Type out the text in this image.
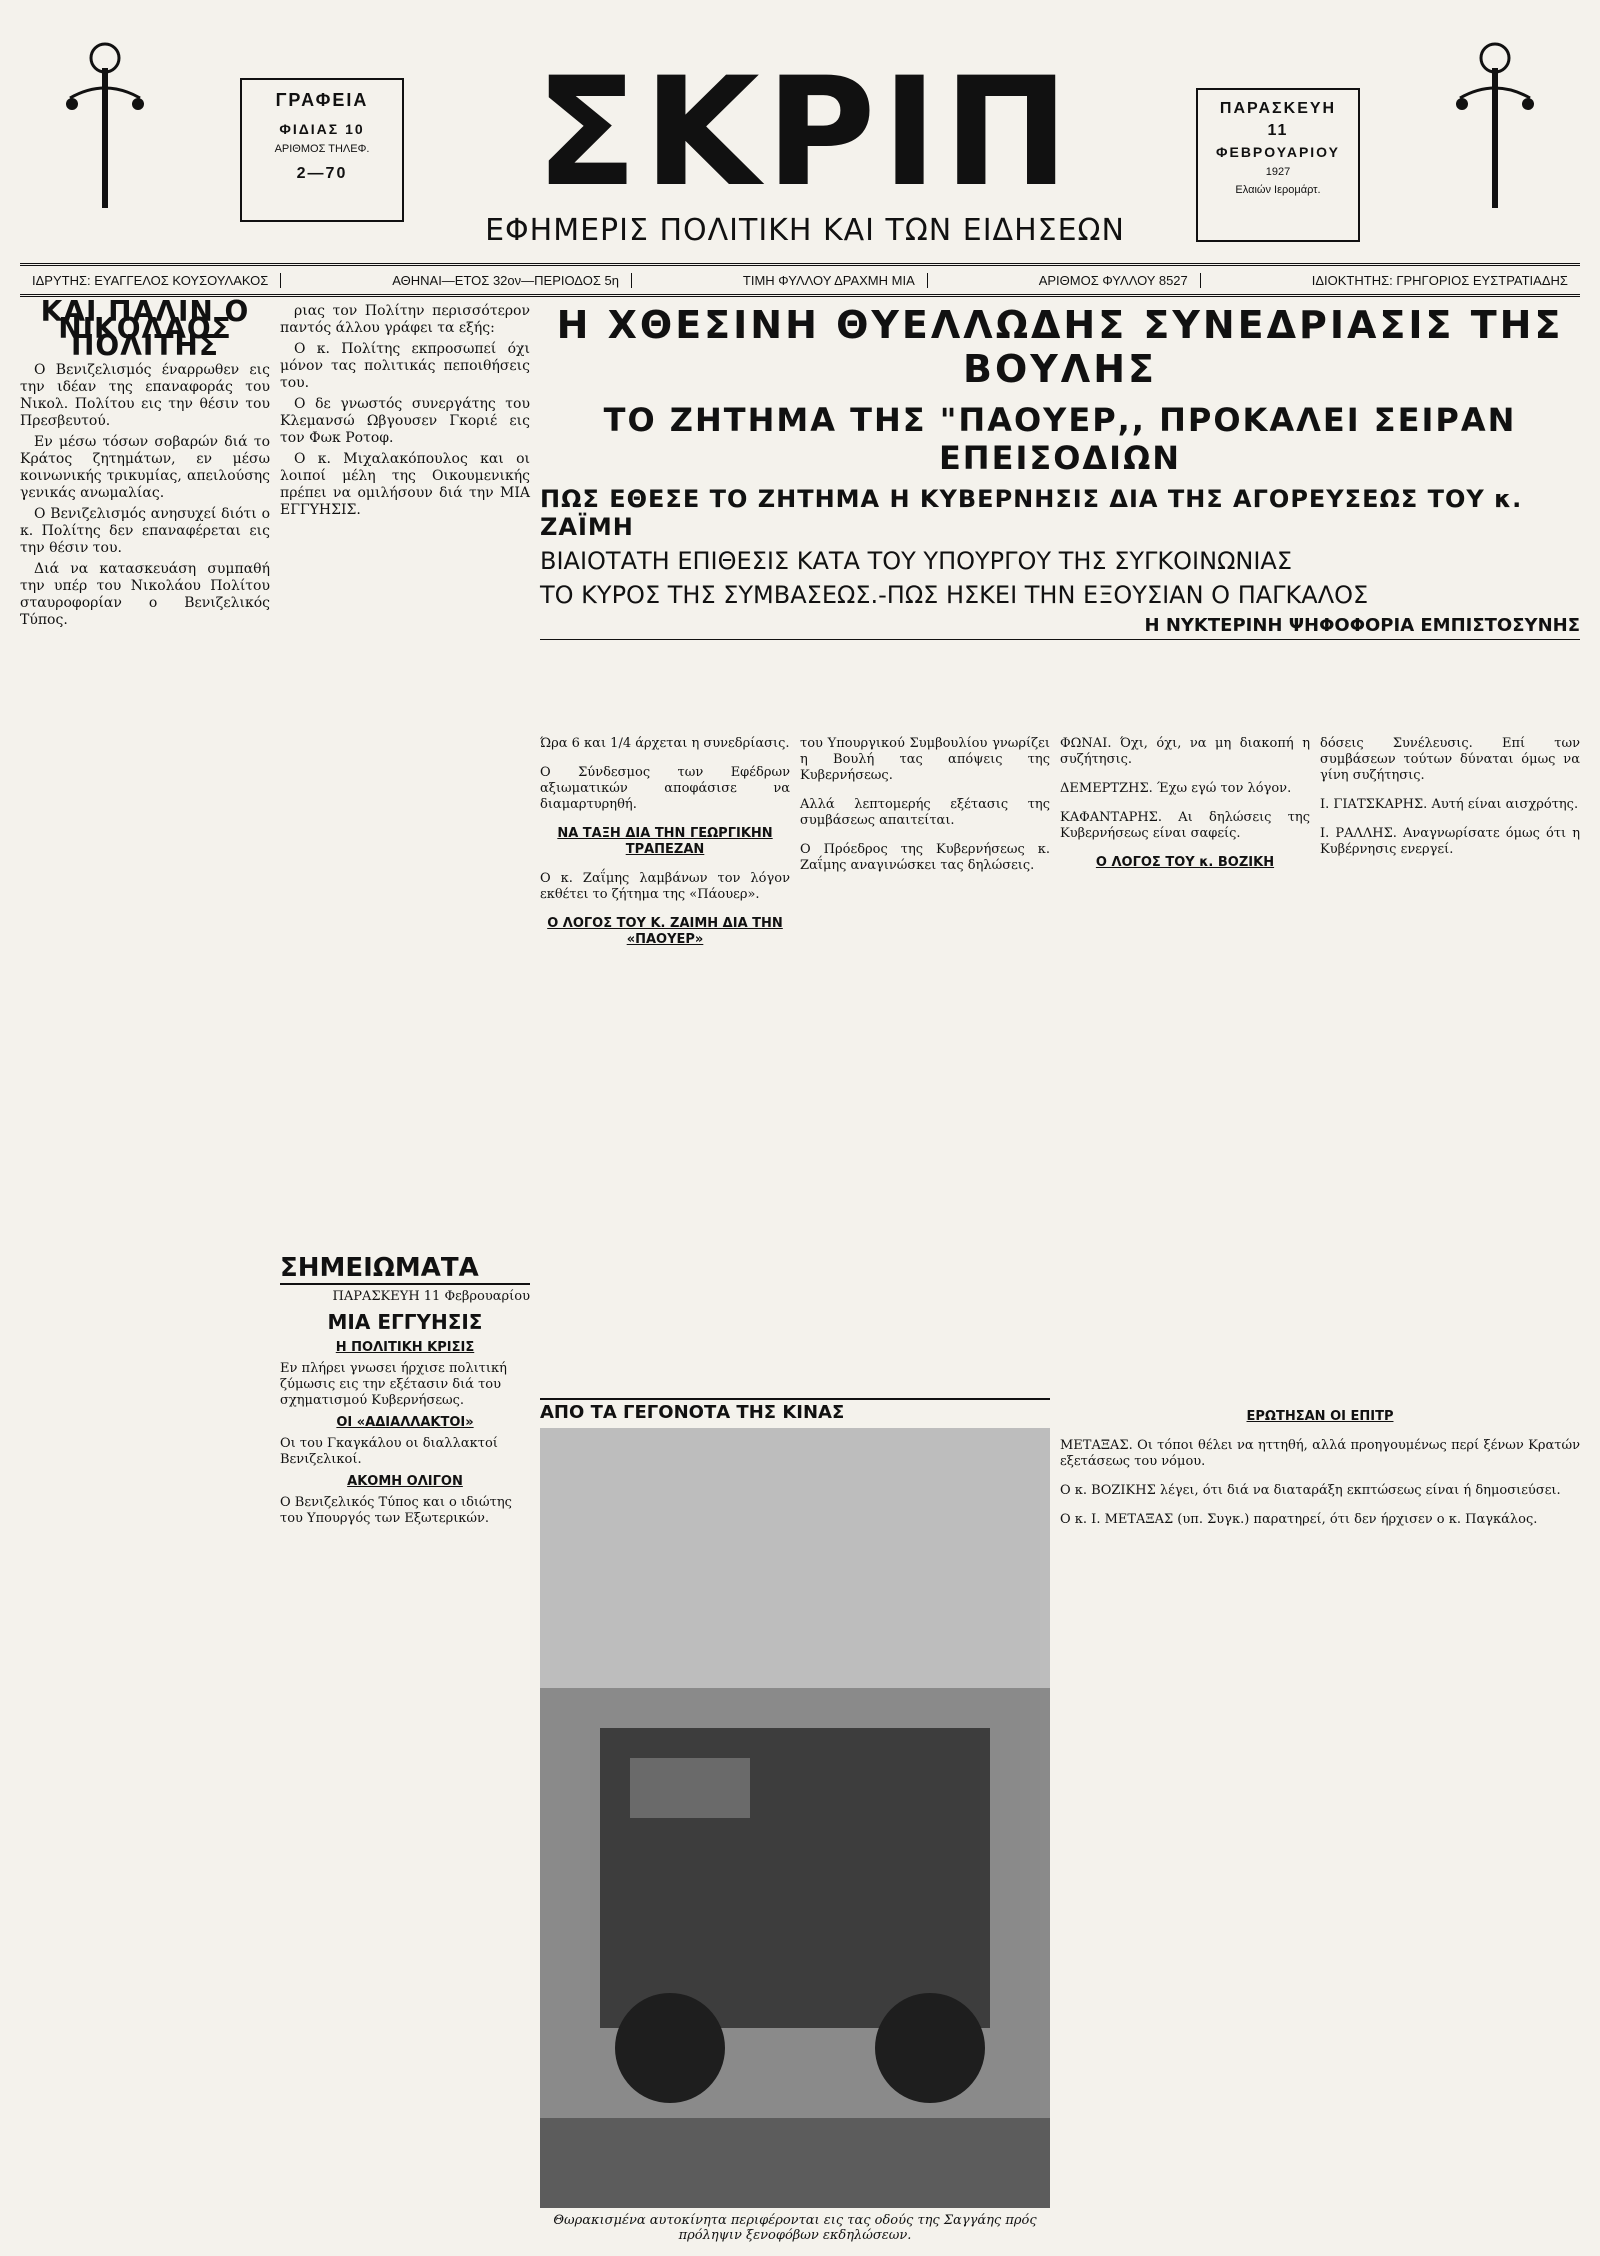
ΓΡΑΦΕΙΑ
ΦΙΔΙΑΣ 10
ΑΡΙΘΜΟΣ ΤΗΛΕΦ.
2—70	ΣΚΡΙΠ
ΕΦΗΜΕΡΙΣ ΠΟΛΙΤΙΚΗ ΚΑΙ ΤΩΝ ΕΙΔΗΣΕΩΝ
ΠΑΡΑΣΚΕΥΗ
11
ΦΕΒΡΟΥΑΡΙΟΥ
1927
Ελαιών Ιερομάρτ.
ΙΔΡΥΤΗΣ: ΕΥΑΓΓΕΛΟΣ ΚΟΥΣΟΥΛΑΚΟΣ	ΑΘΗΝΑΙ—ΕΤΟΣ 32ον—ΠΕΡΙΟΔΟΣ 5η	ΤΙΜΗ ΦΥΛΛΟΥ ΔΡΑΧΜΗ ΜΙΑ	ΑΡΙΘΜΟΣ ΦΥΛΛΟΥ 8527	ΙΔΙΟΚΤΗΤΗΣ: ΓΡΗΓΟΡΙΟΣ ΕΥΣΤΡΑΤΙΑΔΗΣ
ΚΑΙ ΠΑΛΙΝ Ο ΝΙΚΟΛΑΟΣ ΠΟΛΙΤΗΣ

Ο Βενιζελισμός έναρρωθεν εις την ιδέαν της επαναφοράς του Νικολ. Πολίτου εις την θέσιν του Πρεσβευτού.

Εν μέσω τόσων σοβαρών διά το Κράτος ζητημάτων, εν μέσω κοινωνικής τρικυμίας, απειλούσης γενικάς ανωμαλίας.

Ο Βενιζελισμός ανησυχεί διότι ο κ. Πολίτης δεν επαναφέρεται εις την θέσιν του.

Διά να κατασκευάση συμπαθή την υπέρ του Νικολάου Πολίτου σταυροφορίαν ο Βενιζελικός Τύπος.

ριας τον Πολίτην περισσότερον παντός άλλου γράφει τα εξής:

Ο κ. Πολίτης εκπροσωπεί όχι μόνον τας πολιτικάς πεποιθήσεις του.

Ο δε γνωστός συνεργάτης του Κλεμανσώ Ωβγουσεν Γκοριέ εις τον Φωκ Ροτοφ.

Ο κ. Μιχαλακόπουλος και οι λοιποί μέλη της Οικουμενικής πρέπει να ομιλήσουν διά την ΜΙΑ ΕΓΓΥΗΣΙΣ.

ΣΗΜΕΙΩΜΑΤΑ
ΠΑΡΑΣΚΕΥΗ 11 Φεβρουαρίου
ΜΙΑ ΕΓΓΥΗΣΙΣ
Η ΠΟΛΙΤΙΚΗ ΚΡΙΣΙΣ

Εν πλήρει γνωσει ήρχισε πολιτική ζύμωσις εις την εξέτασιν διά του σχηματισμού Κυβερνήσεως.

ΟΙ «ΑΔΙΑΛΛΑΚΤΟΙ»

Οι του Γκαγκάλου οι διαλλακτοί Βενιζελικοί.

ΑΚΟΜΗ ΟΛΙΓΟΝ

Ο Βενιζελικός Τύπος και ο ιδιώτης του Υπουργός των Εξωτερικών.

Η ΧΘΕΣΙΝΗ ΘΥΕΛΛΩΔΗΣ ΣΥΝΕΔΡΙΑΣΙΣ ΤΗΣ ΒΟΥΛΗΣ
ΤΟ ΖΗΤΗΜΑ ΤΗΣ "ΠΑΟΥΕΡ,, ΠΡΟΚΑΛΕΙ ΣΕΙΡΑΝ ΕΠΕΙΣΟΔΙΩΝ
ΠΩΣ ΕΘΕΣΕ ΤΟ ΖΗΤΗΜΑ Η ΚΥΒΕΡΝΗΣΙΣ ΔΙΑ ΤΗΣ ΑΓΟΡΕΥΣΕΩΣ ΤΟΥ κ. ΖΑΪΜΗ
ΒΙΑΙΟΤΑΤΗ ΕΠΙΘΕΣΙΣ ΚΑΤΑ ΤΟΥ ΥΠΟΥΡΓΟΥ ΤΗΣ ΣΥΓΚΟΙΝΩΝΙΑΣ
ΤΟ ΚΥΡΟΣ ΤΗΣ ΣΥΜΒΑΣΕΩΣ.-ΠΩΣ ΗΣΚΕΙ ΤΗΝ ΕΞΟΥΣΙΑΝ Ο ΠΑΓΚΑΛΟΣ
Η ΝΥΚΤΕΡΙΝΗ ΨΗΦΟΦΟΡΙΑ ΕΜΠΙΣΤΟΣΥΝΗΣ

Ώρα 6 και 1/4 άρχεται η συνεδρίασις.

Ο Σύνδεσμος των Εφέδρων αξιωματικών αποφάσισε να διαμαρτυρηθή.

ΝΑ ΤΑΞΗ ΔΙΑ ΤΗΝ ΓΕΩΡΓΙΚΗΝ ΤΡΑΠΕΖΑΝ

Ο κ. Ζαΐμης λαμβάνων τον λόγον εκθέτει το ζήτημα της «Πάουερ».

Ο ΛΟΓΟΣ ΤΟΥ Κ. ΖΑΙΜΗ ΔΙΑ ΤΗΝ «ΠΑΟΥΕΡ»

του Υπουργικού Συμβουλίου γνωρίζει η Βουλή τας απόψεις της Κυβερνήσεως.

Αλλά λεπτομερής εξέτασις της συμβάσεως απαιτείται.

Ο Πρόεδρος της Κυβερνήσεως κ. Ζαΐμης αναγινώσκει τας δηλώσεις.

ΦΩΝΑΙ. Όχι, όχι, να μη διακοπή η συζήτησις.

ΔΕΜΕΡΤΖΗΣ. Έχω εγώ τον λόγον.

ΚΑΦΑΝΤΑΡΗΣ. Αι δηλώσεις της Κυβερνήσεως είναι σαφείς.

Ο ΛΟΓΟΣ ΤΟΥ κ. ΒΟΖΙΚΗ

δόσεις Συνέλευσις. Επί των συμβάσεων τούτων δύναται όμως να γίνη συζήτησις.

Ι. ΓΙΑΤΣΚΑΡΗΣ. Αυτή είναι αισχρότης.

Ι. ΡΑΛΛΗΣ. Αναγνωρίσατε όμως ότι η Κυβέρνησις ενεργεί.

ΑΠΟ ΤΑ ΓΕΓΟΝΟΤΑ ΤΗΣ ΚΙΝΑΣ
Θωρακισμένα αυτοκίνητα περιφέρονται εις τας οδούς της Σαγγάης πρός πρόληψιν ξενοφόβων εκδηλώσεων.
ΕΡΩΤΗΣΑΝ ΟΙ ΕΠΙΤΡ

ΜΕΤΑΞΑΣ. Οι τόποι θέλει να ηττηθή, αλλά προηγουμένως περί ξένων Κρατών εξετάσεως του νόμου.

Ο κ. ΒΟΖΙΚΗΣ λέγει, ότι διά να διαταράξη εκπτώσεως είναι ή δημοσιεύσει.

Ο κ. Ι. ΜΕΤΑΞΑΣ (υπ. Συγκ.) παρατηρεί, ότι δεν ήρχισεν ο κ. Παγκάλος.
